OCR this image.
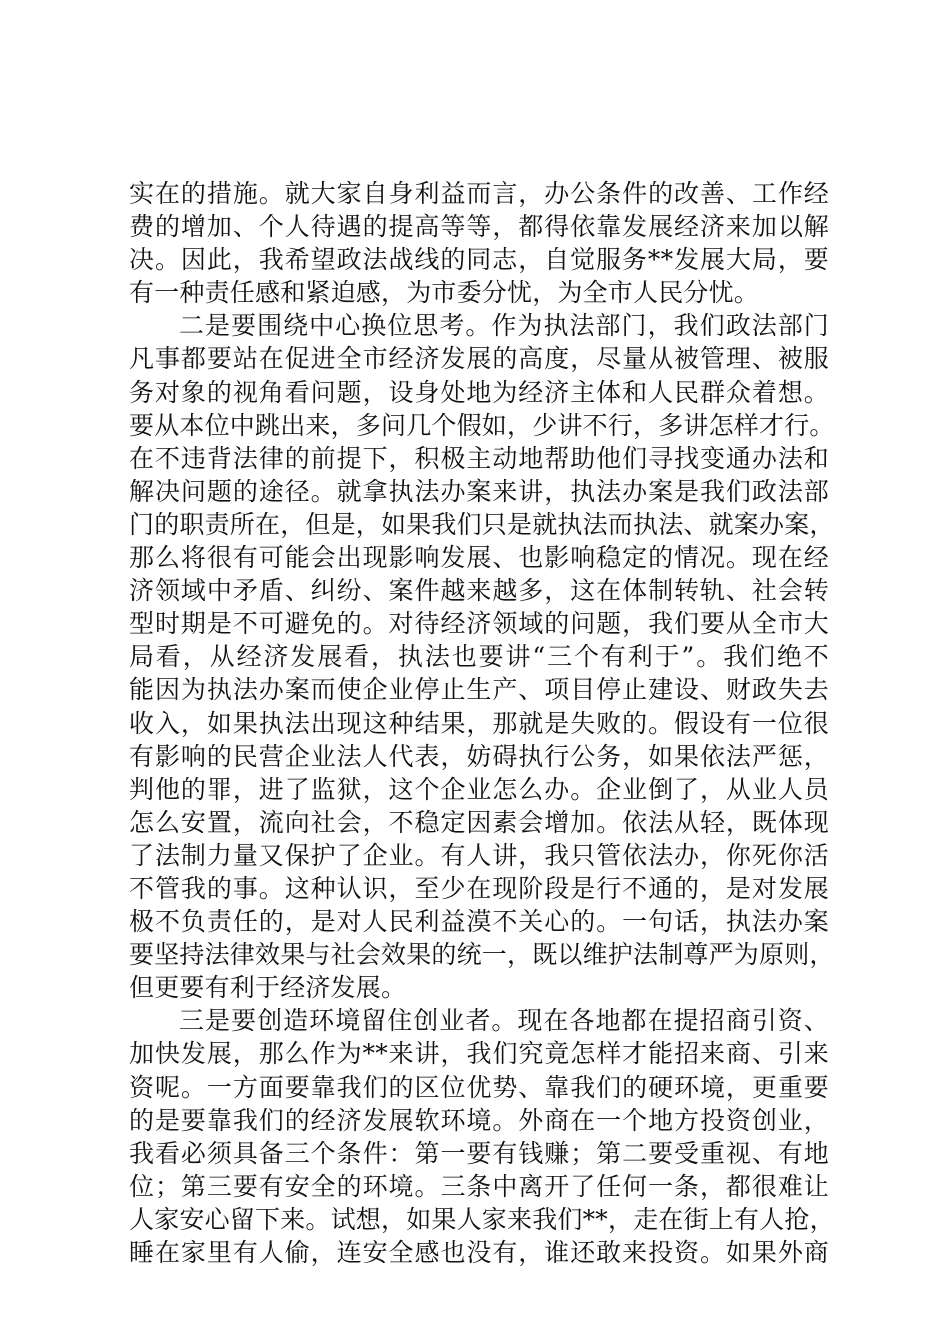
实在的措施。就大家自身利益而言，办公条件的改善、工作经
费的增加、个人待遇的提高等等，都得依靠发展经济来加以解
决。因此，我希望政法战线的同志，自觉服务**发展大局，要
有一种责任感和紧迫感，为市委分忧，为全市人民分忧。
二是要围绕中心换位思考。作为执法部门，我们政法部门
凡事都要站在促进全市经济发展的高度，尽量从被管理、被服
务对象的视角看问题，设身处地为经济主体和人民群众着想。
要从本位中跳出来，多问几个假如，少讲不行，多讲怎样才行。
在不违背法律的前提下，积极主动地帮助他们寻找变通办法和
解决问题的途径。就拿执法办案来讲，执法办案是我们政法部
门的职责所在，但是，如果我们只是就执法而执法、就案办案，
那么将很有可能会出现影响发展、也影响稳定的情况。现在经
济领域中矛盾、纠纷、案件越来越多，这在体制转轨、社会转
型时期是不可避免的。对待经济领域的问题，我们要从全市大
局看，从经济发展看，执法也要讲“三个有利于”。我们绝不
能因为执法办案而使企业停止生产、项目停止建设、财政失去
收入，如果执法出现这种结果，那就是失败的。假设有一位很
有影响的民营企业法人代表，妨碍执行公务，如果依法严惩，
判他的罪，进了监狱，这个企业怎么办。企业倒了，从业人员
怎么安置，流向社会，不稳定因素会增加。依法从轻，既体现
了法制力量又保护了企业。有人讲，我只管依法办，你死你活
不管我的事。这种认识，至少在现阶段是行不通的，是对发展
极不负责任的，是对人民利益漠不关心的。一句话，执法办案
要坚持法律效果与社会效果的统一，既以维护法制尊严为原则，
但更要有利于经济发展。
三是要创造环境留住创业者。现在各地都在提招商引资、
加快发展，那么作为**来讲，我们究竟怎样才能招来商、引来
资呢。一方面要靠我们的区位优势、靠我们的硬环境，更重要
的是要靠我们的经济发展软环境。外商在一个地方投资创业，
我看必须具备三个条件：第一要有钱赚；第二要受重视、有地
位；第三要有安全的环境。三条中离开了任何一条，都很难让
人家安心留下来。试想，如果人家来我们**，走在街上有人抢，
睡在家里有人偷，连安全感也没有，谁还敢来投资。如果外商
